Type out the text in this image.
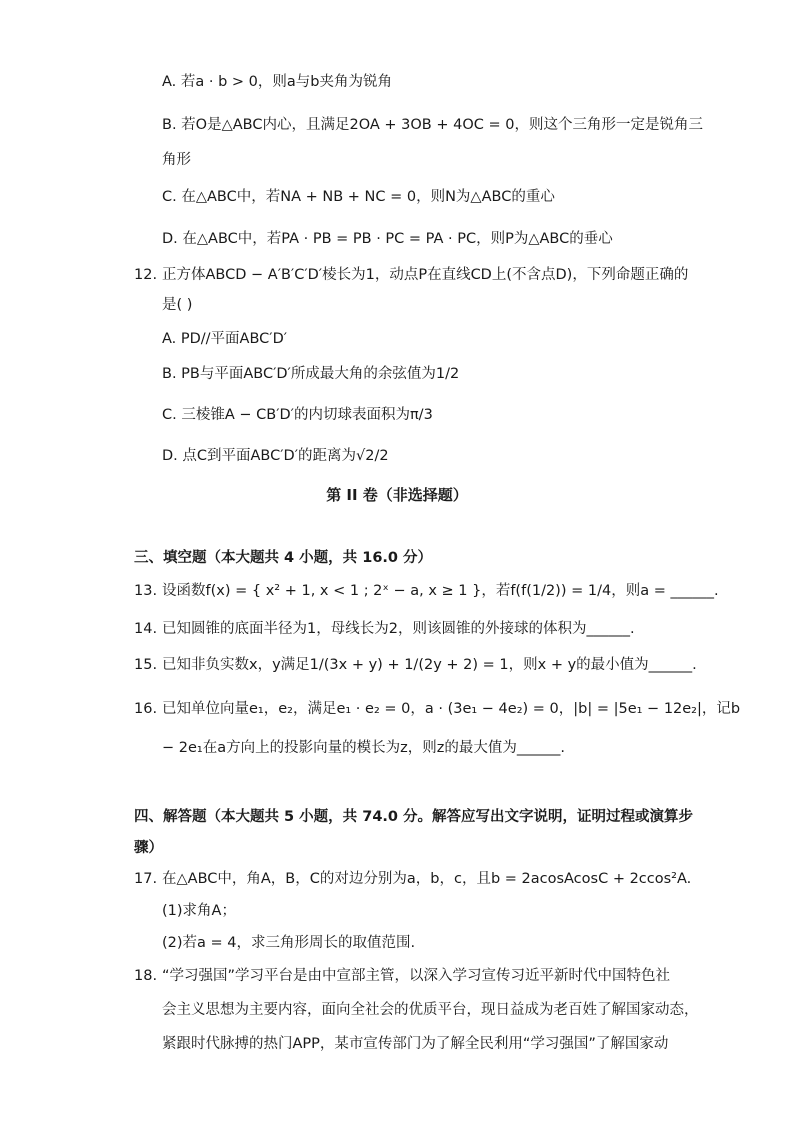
A. 若a · b > 0，则a与b夹角为锐角
B. 若O是△ABC内心，且满足2OA + 3OB + 4OC = 0，则这个三角形一定是锐角三
角形
C. 在△ABC中，若NA + NB + NC = 0，则N为△ABC的重心
D. 在△ABC中，若PA · PB = PB · PC = PA · PC，则P为△ABC的垂心
12. 正方体ABCD − A′B′C′D′棱长为1，动点P在直线CD上(不含点D)，下列命题正确的
是( )
A. PD//平面ABC′D′
B. PB与平面ABC′D′所成最大角的余弦值为1/2
C. 三棱锥A − CB′D′的内切球表面积为π/3
D. 点C到平面ABC′D′的距离为√2/2
第 II 卷（非选择题）
三、填空题（本大题共 4 小题，共 16.0 分）
13. 设函数f(x) = { x² + 1, x < 1 ; 2ˣ − a, x ≥ 1 }，若f(f(1/2)) = 1/4，则a = ______.
14. 已知圆锥的底面半径为1，母线长为2，则该圆锥的外接球的体积为______.
15. 已知非负实数x，y满足1/(3x + y) + 1/(2y + 2) = 1，则x + y的最小值为______.
16. 已知单位向量e₁，e₂，满足e₁ · e₂ = 0，a · (3e₁ − 4e₂) = 0，|b| = |5e₁ − 12e₂|，记b
− 2e₁在a方向上的投影向量的模长为z，则z的最大值为______.
四、解答题（本大题共 5 小题，共 74.0 分。解答应写出文字说明，证明过程或演算步
骤）
17. 在△ABC中，角A，B，C的对边分别为a，b，c，且b = 2acosAcosC + 2ccos²A.
(1)求角A；
(2)若a = 4，求三角形周长的取值范围.
18. “学习强国”学习平台是由中宣部主管，以深入学习宣传习近平新时代中国特色社
会主义思想为主要内容，面向全社会的优质平台，现日益成为老百姓了解国家动态，
紧跟时代脉搏的热门APP，某市宣传部门为了解全民利用“学习强国”了解国家动
